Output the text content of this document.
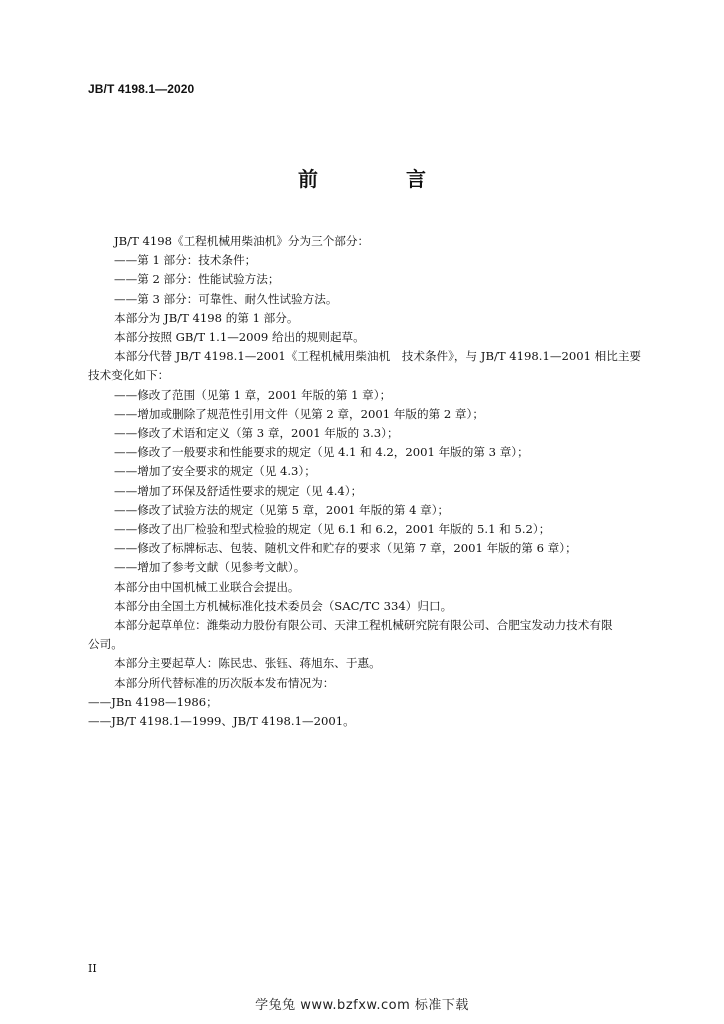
JB/T 4198.1—2020
前　言

JB/T 4198《工程机械用柴油机》分为三个部分：

——第 1 部分：技术条件；

——第 2 部分：性能试验方法；

——第 3 部分：可靠性、耐久性试验方法。

本部分为 JB/T 4198 的第 1 部分。

本部分按照 GB/T 1.1—2009 给出的规则起草。

本部分代替 JB/T 4198.1—2001《工程机械用柴油机　技术条件》，与 JB/T 4198.1—2001 相比主要

技术变化如下：

——修改了范围（见第 1 章，2001 年版的第 1 章）；

——增加或删除了规范性引用文件（见第 2 章，2001 年版的第 2 章）；

——修改了术语和定义（第 3 章，2001 年版的 3.3）；

——修改了一般要求和性能要求的规定（见 4.1 和 4.2，2001 年版的第 3 章）；

——增加了安全要求的规定（见 4.3）；

——增加了环保及舒适性要求的规定（见 4.4）；

——修改了试验方法的规定（见第 5 章，2001 年版的第 4 章）；

——修改了出厂检验和型式检验的规定（见 6.1 和 6.2，2001 年版的 5.1 和 5.2）；

——修改了标牌标志、包装、随机文件和贮存的要求（见第 7 章，2001 年版的第 6 章）；

——增加了参考文献（见参考文献）。

本部分由中国机械工业联合会提出。

本部分由全国土方机械标准化技术委员会（SAC/TC 334）归口。

本部分起草单位：潍柴动力股份有限公司、天津工程机械研究院有限公司、合肥宝发动力技术有限

公司。

本部分主要起草人：陈民忠、张钰、蒋旭东、于惠。

本部分所代替标准的历次版本发布情况为：

——JBn 4198—1986；

——JB/T 4198.1—1999、JB/T 4198.1—2001。

II
学兔兔 www.bzfxw.com 标准下载
